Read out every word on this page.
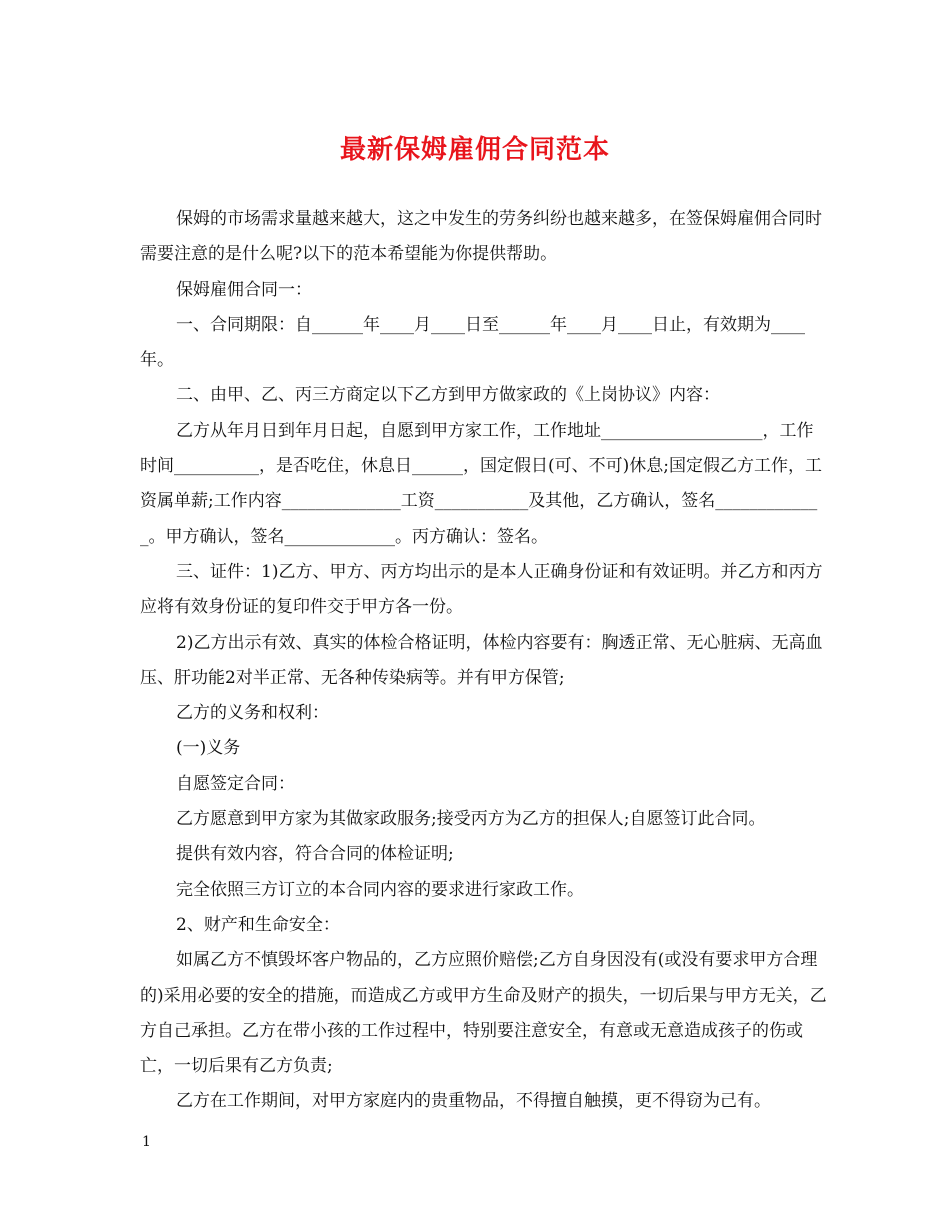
最新保姆雇佣合同范本

保姆的市场需求量越来越大，这之中发生的劳务纠纷也越来越多，在签保姆雇佣合同时需要注意的是什么呢?以下的范本希望能为你提供帮助。

保姆雇佣合同一：

一、合同期限：自______年____月____日至______年____月____日止，有效期为____年。

二、由甲、乙、丙三方商定以下乙方到甲方做家政的《上岗协议》内容：

乙方从年月日到年月日起，自愿到甲方家工作，工作地址___________________，工作时间__________，是否吃住，休息日______，国定假日(可、不可)休息;国定假乙方工作，工资属单薪;工作内容______________工资___________及其他，乙方确认，签名_____________。甲方确认，签名_____________。丙方确认：签名。

三、证件：1)乙方、甲方、丙方均出示的是本人正确身份证和有效证明。并乙方和丙方应将有效身份证的复印件交于甲方各一份。

2)乙方出示有效、真实的体检合格证明，体检内容要有：胸透正常、无心脏病、无高血压、肝功能2对半正常、无各种传染病等。并有甲方保管;

乙方的义务和权利：

(一)义务

自愿签定合同：

乙方愿意到甲方家为其做家政服务;接受丙方为乙方的担保人;自愿签订此合同。

提供有效内容，符合合同的体检证明;

完全依照三方订立的本合同内容的要求进行家政工作。

2、财产和生命安全：

如属乙方不慎毁坏客户物品的，乙方应照价赔偿;乙方自身因没有(或没有要求甲方合理的)采用必要的安全的措施，而造成乙方或甲方生命及财产的损失，一切后果与甲方无关，乙方自己承担。乙方在带小孩的工作过程中，特别要注意安全，有意或无意造成孩子的伤或亡，一切后果有乙方负责;

乙方在工作期间，对甲方家庭内的贵重物品，不得擅自触摸，更不得窃为己有。

1
